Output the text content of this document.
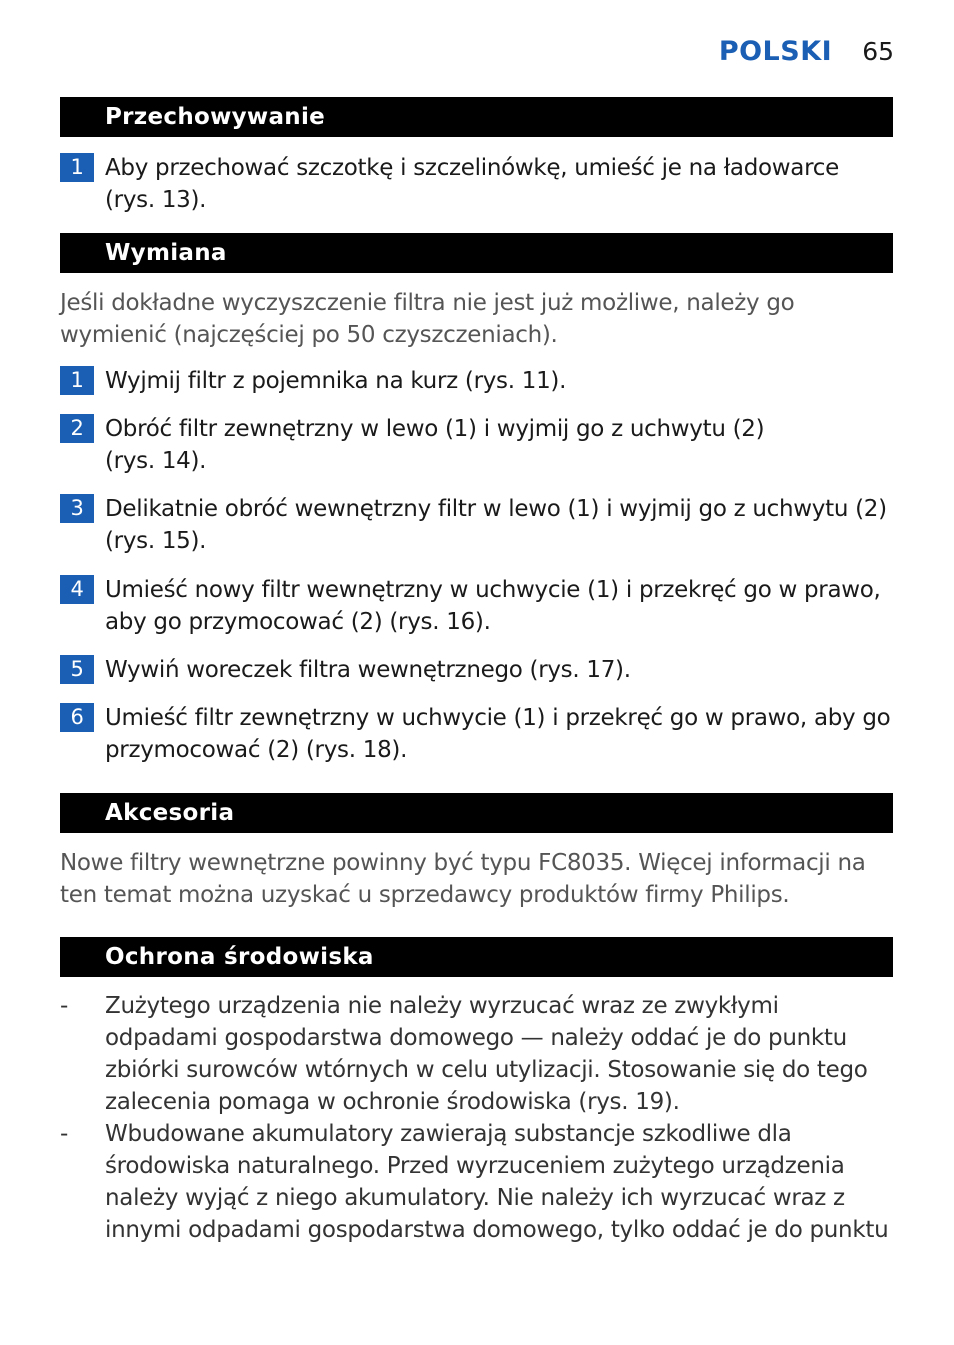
POLSKI 65
Przechowywanie
1 Aby przechować szczotkę i szczelinówkę, umieść je na ładowarce (rys. 13).
Wymiana
Jeśli dokładne wyczyszczenie filtra nie jest już możliwe, należy go wymienić (najczęściej po 50 czyszczeniach).
1 Wyjmij filtr z pojemnika na kurz (rys. 11).
2 Obróć filtr zewnętrzny w lewo (1) i wyjmij go z uchwytu (2) (rys. 14).
3 Delikatnie obróć wewnętrzny filtr w lewo (1) i wyjmij go z uchwytu (2) (rys. 15).
4 Umieść nowy filtr wewnętrzny w uchwycie (1) i przekręć go w prawo, aby go przymocować (2) (rys. 16).
5 Wywiń woreczek filtra wewnętrznego (rys. 17).
6 Umieść filtr zewnętrzny w uchwycie (1) i przekręć go w prawo, aby go przymocować (2) (rys. 18).
Akcesoria
Nowe filtry wewnętrzne powinny być typu FC8035. Więcej informacji na ten temat można uzyskać u sprzedawcy produktów firmy Philips.
Ochrona środowiska
-	Zużytego urządzenia nie należy wyrzucać wraz ze zwykłymi odpadami gospodarstwa domowego — należy oddać je do punktu zbiórki surowców wtórnych w celu utylizacji. Stosowanie się do tego zalecenia pomaga w ochronie środowiska (rys. 19).
-	Wbudowane akumulatory zawierają substancje szkodliwe dla środowiska naturalnego. Przed wyrzuceniem zużytego urządzenia należy wyjąć z niego akumulatory. Nie należy ich wyrzucać wraz z innymi odpadami gospodarstwa domowego, tylko oddać je do punktu
